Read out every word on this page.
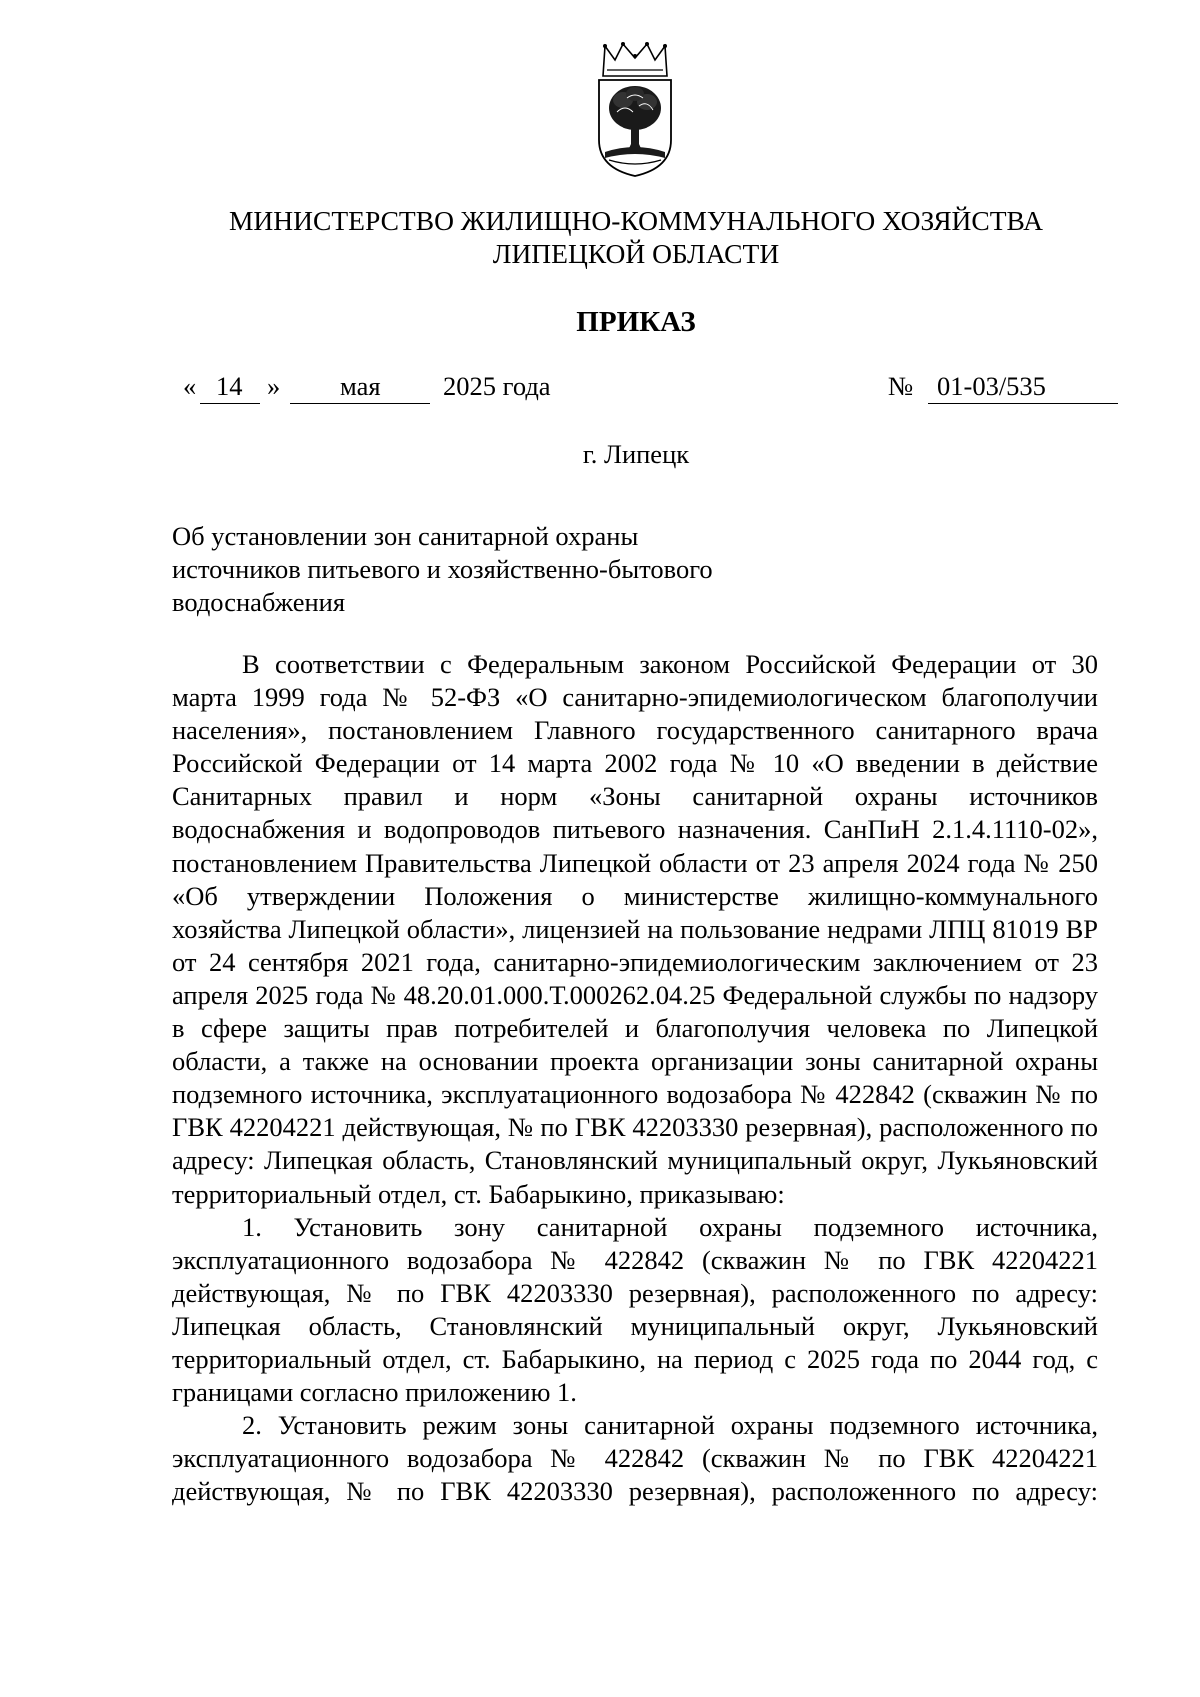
МИНИСТЕРСТВО ЖИЛИЩНО-КОММУНАЛЬНОГО ХОЗЯЙСТВА
ЛИПЕЦКОЙ ОБЛАСТИ
ПРИКАЗ
« 14 » мая 2025 года	№ 01-03/535
г. Липецк
Об установлении зон санитарной охраны
источников питьевого и хозяйственно-бытового
водоснабжения

В соответствии с Федеральным законом Российской Федерации от 30 марта 1999 года № 52-ФЗ «О санитарно-эпидемиологическом благополучии населения», постановлением Главного государственного санитарного врача Российской Федерации от 14 марта 2002 года № 10 «О введении в действие Санитарных правил и норм «Зоны санитарной охраны источников водоснабжения и водопроводов питьевого назначения. СанПиН 2.1.4.1110-02», постановлением Правительства Липецкой области от 23 апреля 2024 года № 250 «Об утверждении Положения о министерстве жилищно-коммунального хозяйства Липецкой области», лицензией на пользование недрами ЛПЦ 81019 ВР от 24 сентября 2021 года, санитарно-эпидемиологическим заключением от 23 апреля 2025 года № 48.20.01.000.Т.000262.04.25 Федеральной службы по надзору в сфере защиты прав потребителей и благополучия человека по Липецкой области, а также на основании проекта организации зоны санитарной охраны подземного источника, эксплуатационного водозабора № 422842 (скважин № по ГВК 42204221 действующая, № по ГВК 42203330 резервная), расположенного по адресу: Липецкая область, Становлянский муниципальный округ, Лукьяновский территориальный отдел, ст. Бабарыкино, приказываю:

1. Установить зону санитарной охраны подземного источника, эксплуатационного водозабора № 422842 (скважин № по ГВК 42204221 действующая, № по ГВК 42203330 резервная), расположенного по адресу: Липецкая область, Становлянский муниципальный округ, Лукьяновский территориальный отдел, ст. Бабарыкино, на период с 2025 года по 2044 год, с границами согласно приложению 1.

2. Установить режим зоны санитарной охраны подземного источника, эксплуатационного водозабора № 422842 (скважин № по ГВК 42204221 действующая, № по ГВК 42203330 резервная), расположенного по адресу:
